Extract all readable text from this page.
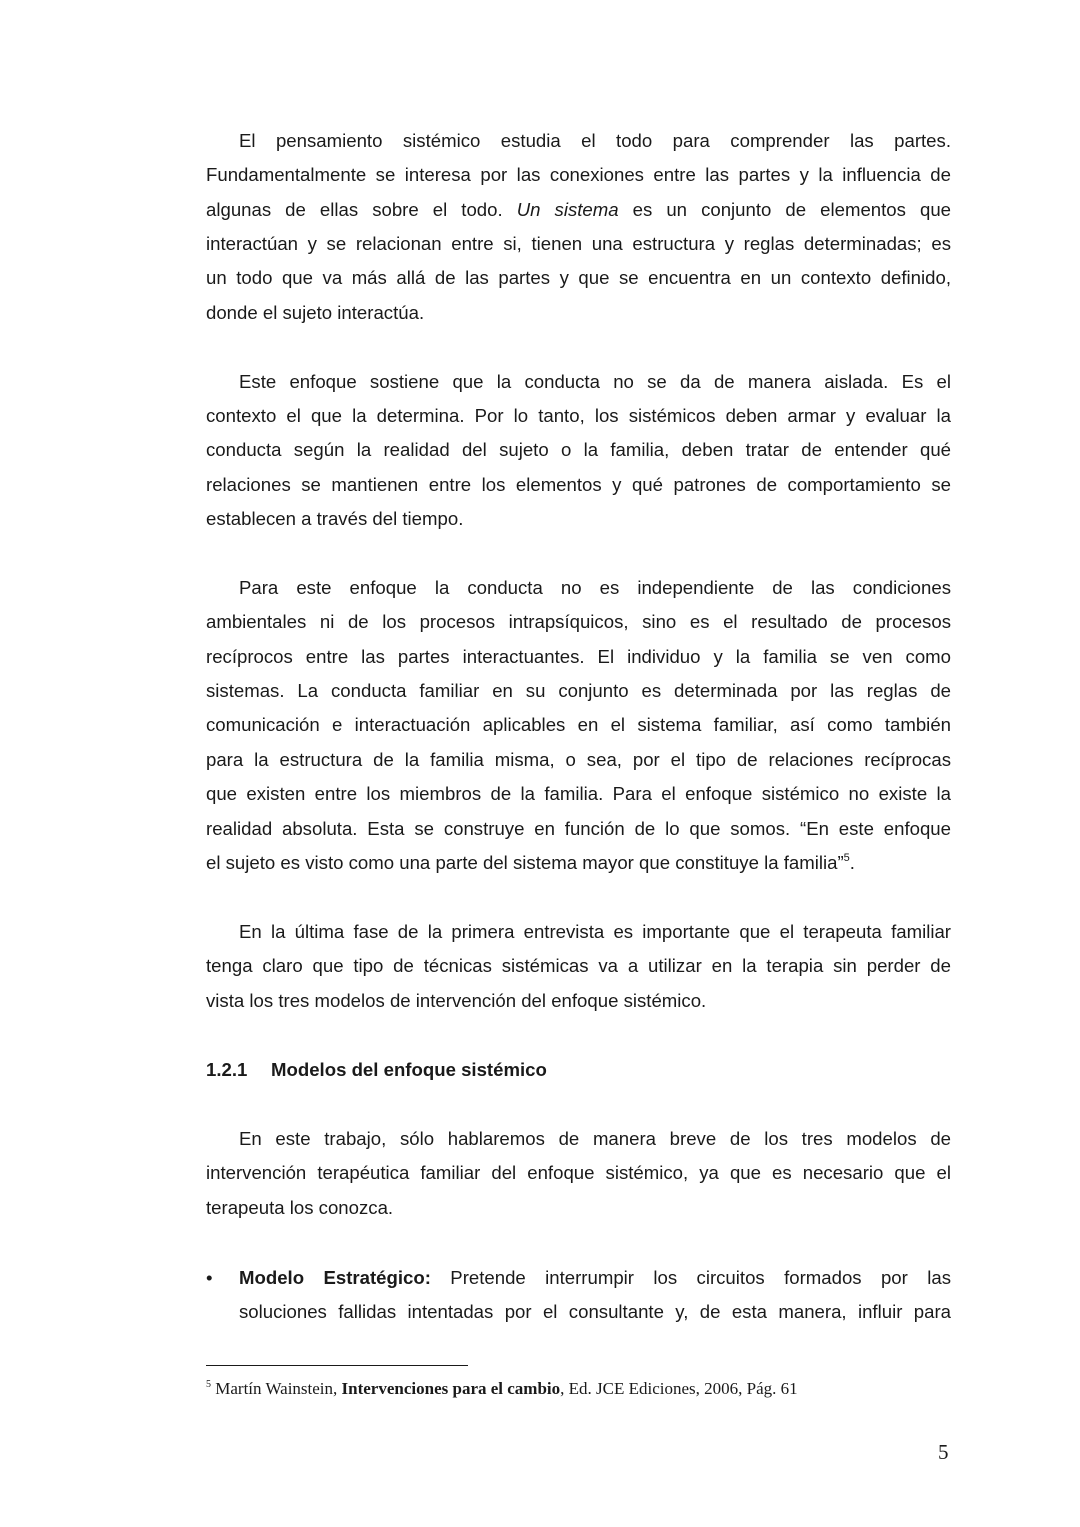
El pensamiento sistémico estudia el todo para comprender las partes.
Fundamentalmente se interesa por las conexiones entre las partes y la influencia de
algunas de ellas sobre el todo. Un sistema es un conjunto de elementos que
interactúan y se relacionan entre si, tienen una estructura y reglas determinadas; es
un todo que va más allá de las partes y que se encuentra en un contexto definido,
donde el sujeto interactúa.
Este enfoque sostiene que la conducta no se da de manera aislada. Es el
contexto el que la determina. Por lo tanto, los sistémicos deben armar y evaluar la
conducta según la realidad del sujeto o la familia, deben tratar de entender qué
relaciones se mantienen entre los elementos y qué patrones de comportamiento se
establecen a través del tiempo.
Para este enfoque la conducta no es independiente de las condiciones
ambientales ni de los procesos intrapsíquicos, sino es el resultado de procesos
recíprocos entre las partes interactuantes. El individuo y la familia se ven como
sistemas. La conducta familiar en su conjunto es determinada por las reglas de
comunicación e interactuación aplicables en el sistema familiar, así como también
para la estructura de la familia misma, o sea, por el tipo de relaciones recíprocas
que existen entre los miembros de la familia. Para el enfoque sistémico no existe la
realidad absoluta. Esta se construye en función de lo que somos. “En este enfoque
el sujeto es visto como una parte del sistema mayor que constituye la familia”$^5$.
En la última fase de la primera entrevista es importante que el terapeuta familiar
tenga claro que tipo de técnicas sistémicas va a utilizar en la terapia sin perder de
vista los tres modelos de intervención del enfoque sistémico.
1.2.1 Modelos del enfoque sistémico
En este trabajo, sólo hablaremos de manera breve de los tres modelos de
intervención terapéutica familiar del enfoque sistémico, ya que es necesario que el
terapeuta los conozca.
• Modelo Estratégico: Pretende interrumpir los circuitos formados por las
soluciones fallidas intentadas por el consultante y, de esta manera, influir para
$^5$ Martín Wainstein, Intervenciones para el cambio, Ed. JCE Ediciones, 2006, Pág. 61
5
